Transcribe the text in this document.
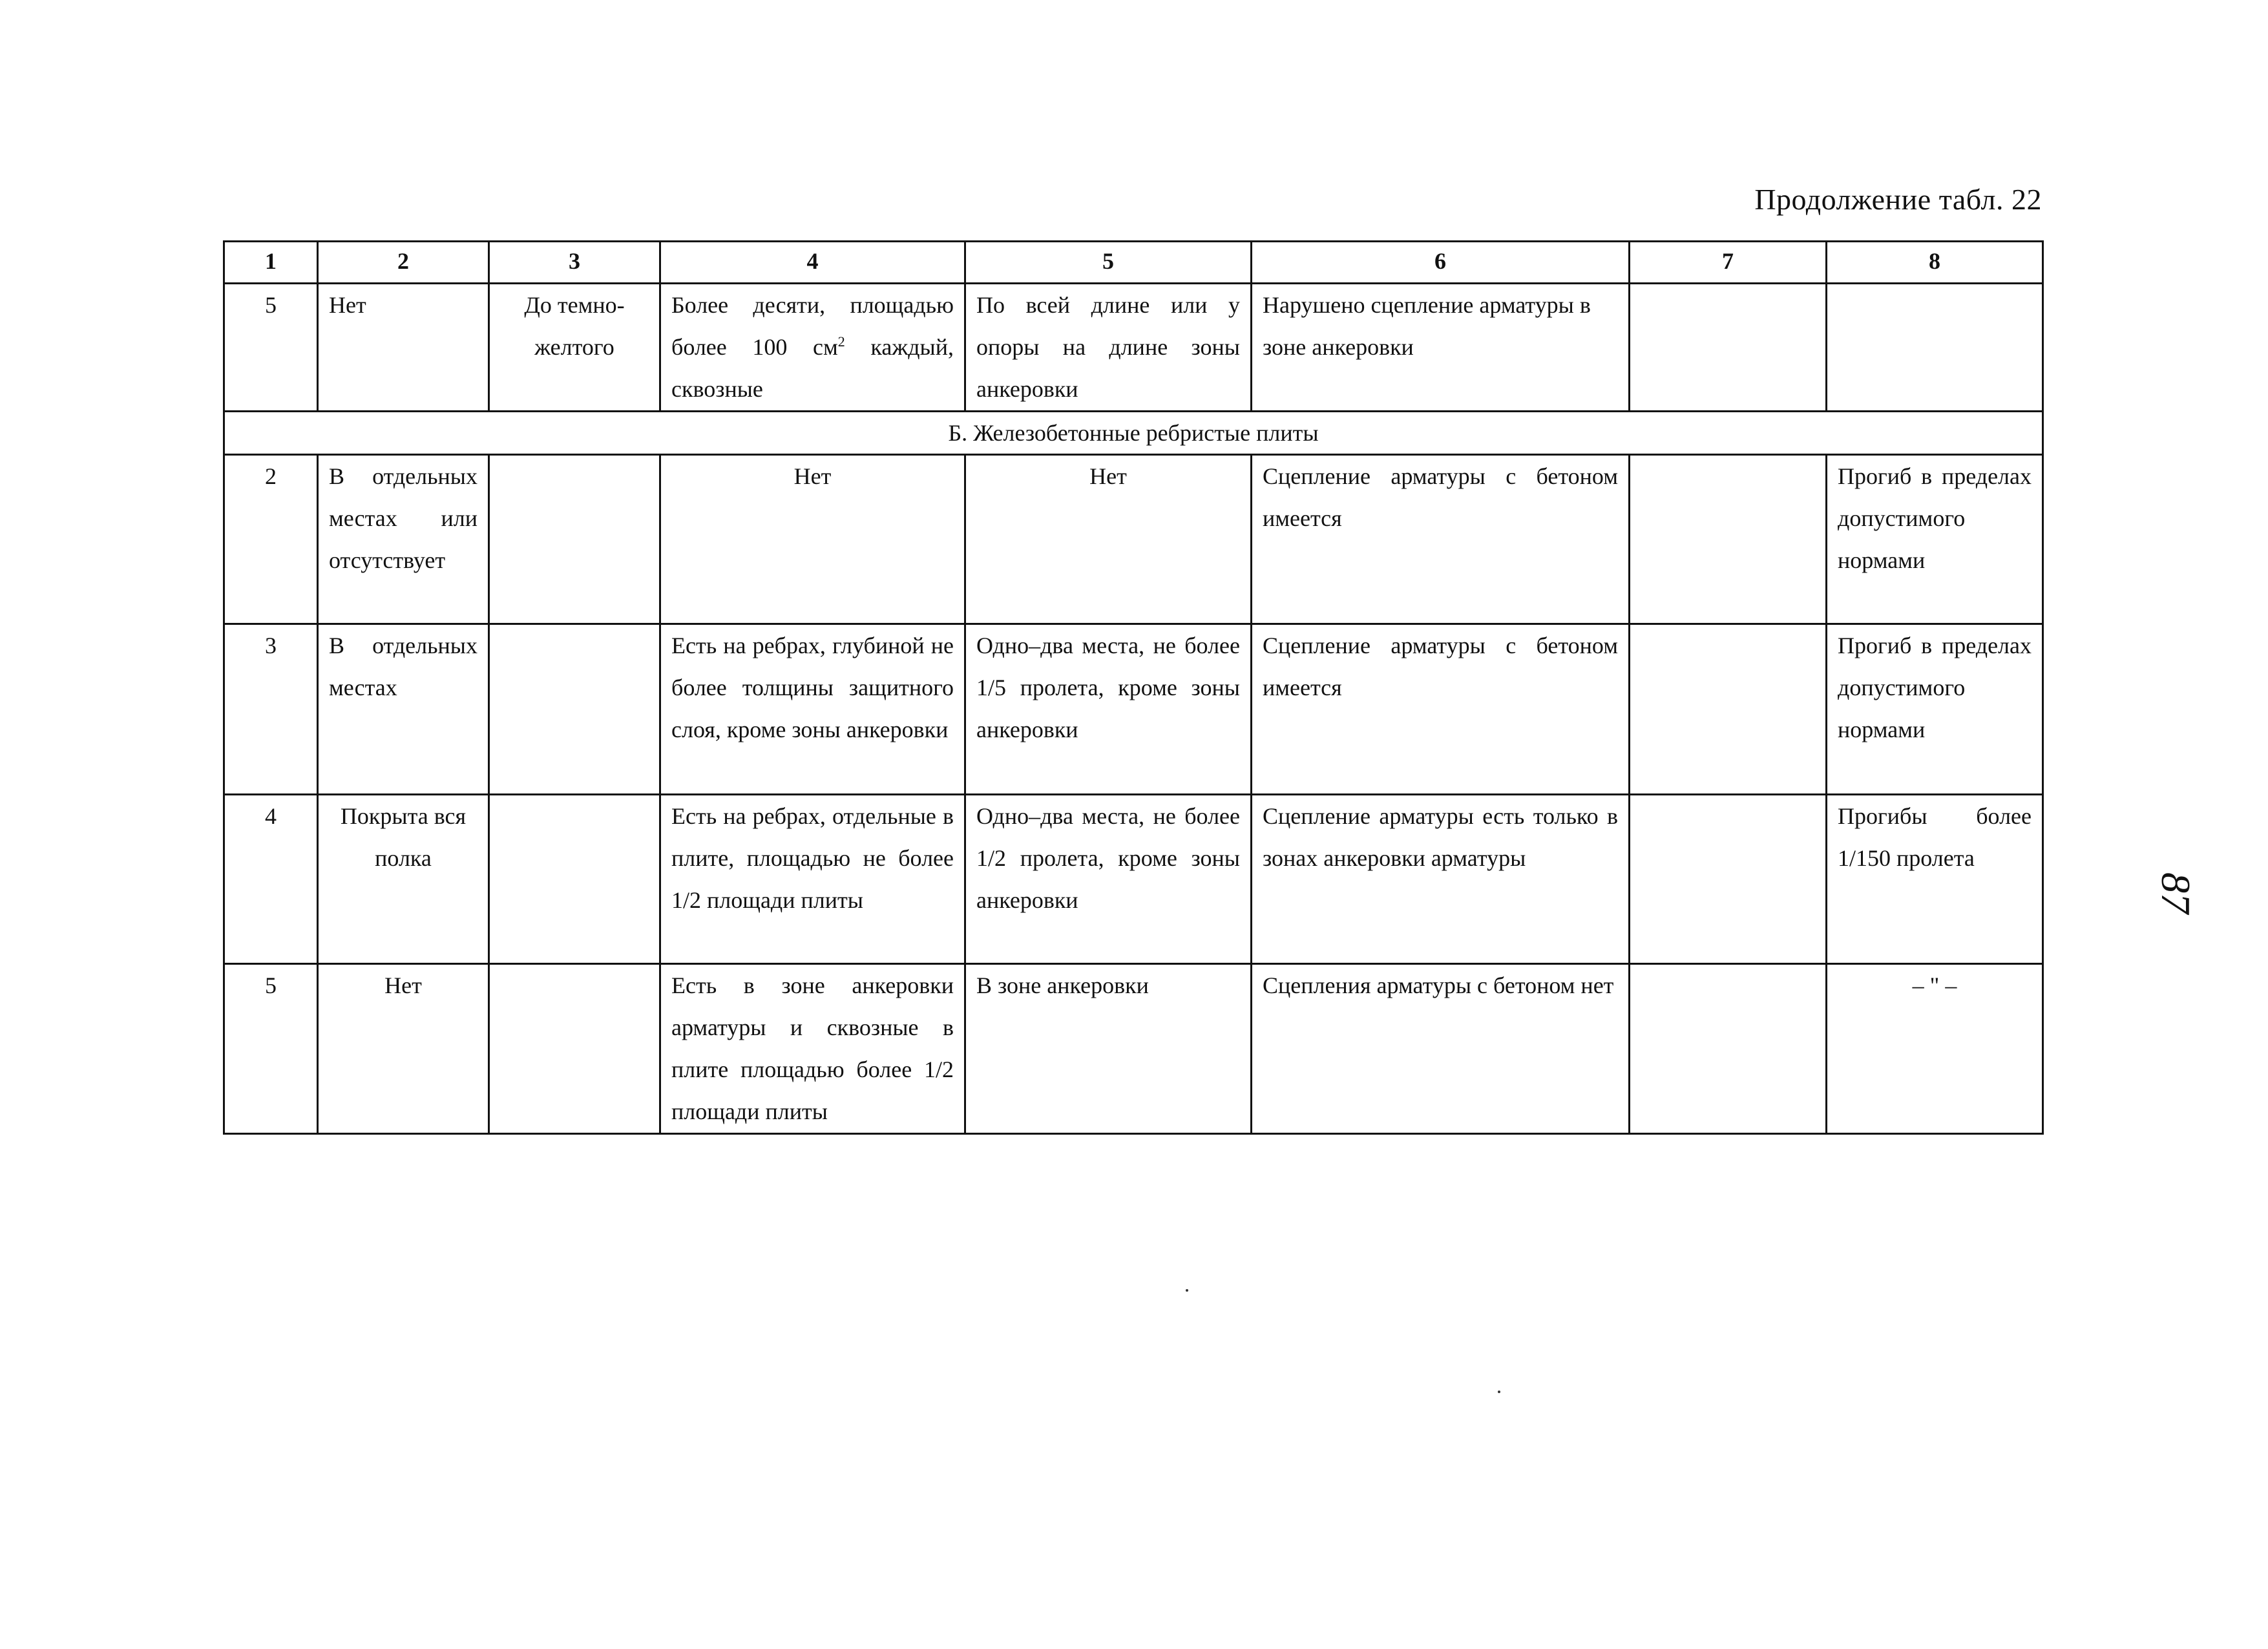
Продолжение табл. 22
1	2	3	4	5	6	7	8
5	Нет	До темно-желтого	Более десяти, площадью более 100 $см^2$ каждый, сквозные	По всей длине или у опоры на длине зоны анкеровки	Нарушено сцепление арматуры в зоне анкеровки		
Б. Железобетонные ребристые плиты							
2	В отдельных местах или отсутствует		Нет	Нет	Сцепление арматуры с бетоном имеется		Прогиб в пределах допустимого нормами
3	В отдельных местах		Есть на ребрах, глубиной не более толщины защитного слоя, кроме зоны анкеровки	Одно–два места, не более 1/5 пролета, кроме зоны анкеровки	Сцепление арматуры с бетоном имеется		Прогиб в пределах допустимого нормами
4	Покрыта вся полка		Есть на ребрах, отдельные в плите, площадью не более 1/2 площади плиты	Одно–два места, не более 1/2 пролета, кроме зоны анкеровки	Сцепление арматуры есть только в зонах анкеровки арматуры		Прогибы более 1/150 пролета
5	Нет		Есть в зоне анкеровки арматуры и сквозные в плите площадью более 1/2 площади плиты	В зоне анкеровки	Сцепления арматуры с бетоном нет		– " –
87
